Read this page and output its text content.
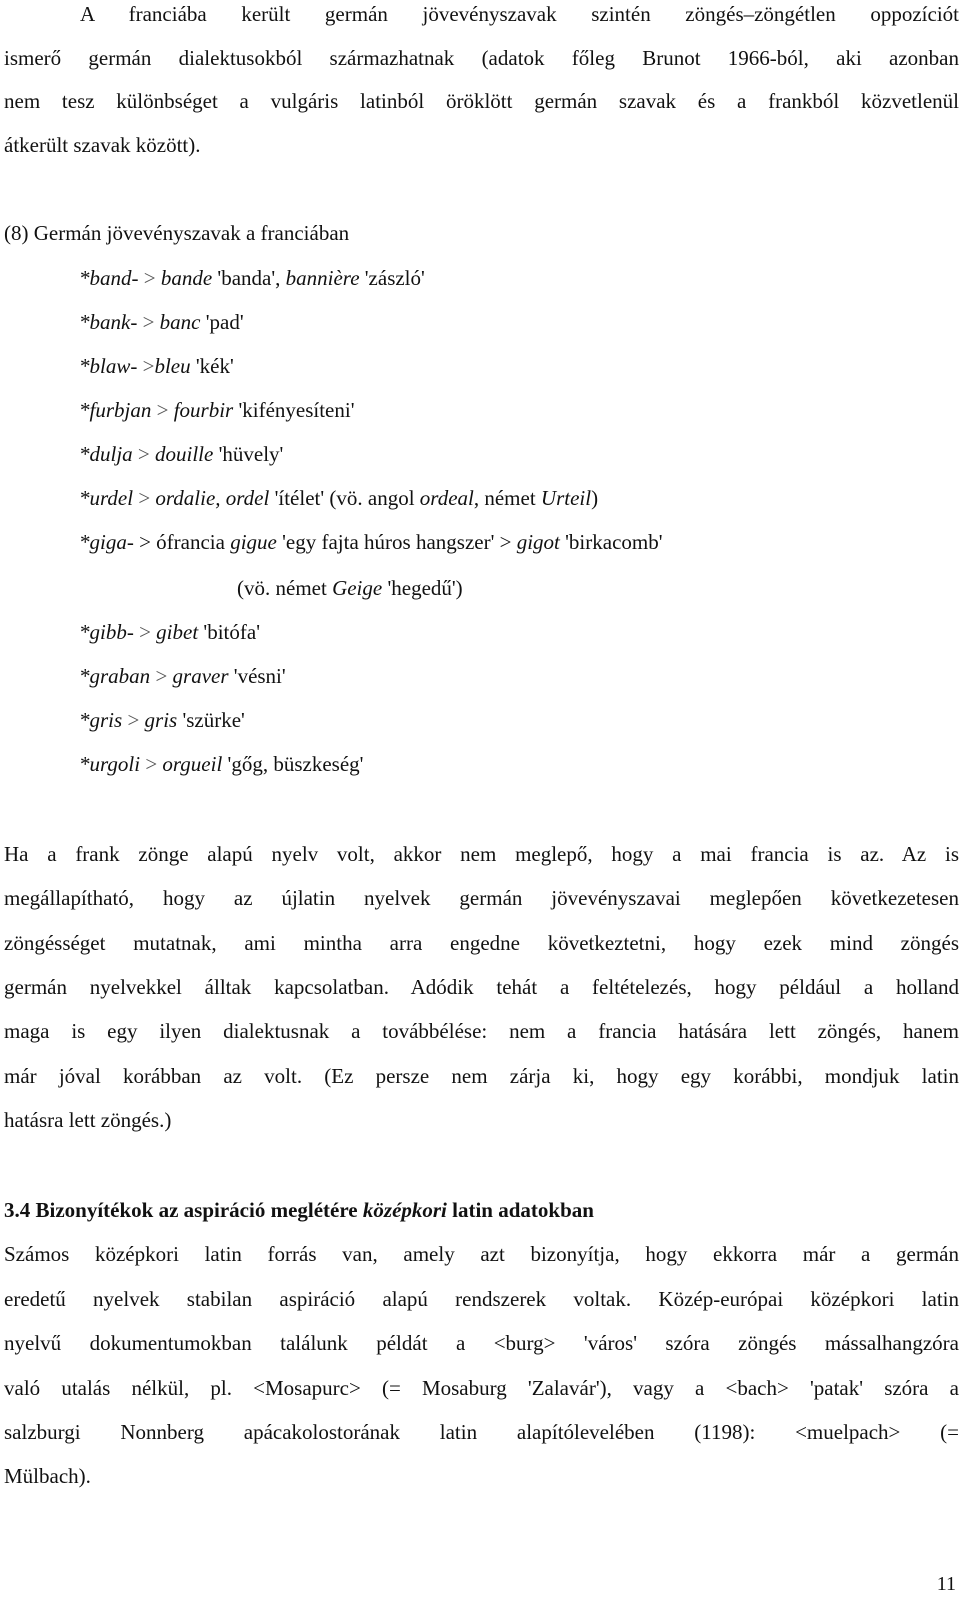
A franciába került germán jövevényszavak szintén zöngés–zöngétlen oppozíciót
ismerő germán dialektusokból származhatnak (adatok főleg Brunot 1966-ból, aki azonban
nem tesz különbséget a vulgáris latinból öröklött germán szavak és a frankból közvetlenül
átkerült szavak között).
(8) Germán jövevényszavak a franciában
*band- > bande 'banda', bannière 'zászló'
*bank- > banc 'pad'
*blaw- >bleu 'kék'
*furbjan > fourbir 'kifényesíteni'
*dulja > douille 'hüvely'
*urdel > ordalie, ordel 'ítélet' (vö. angol ordeal, német Urteil)
*giga- > ófrancia gigue 'egy fajta húros hangszer' > gigot 'birkacomb'
(vö. német Geige 'hegedű')
*gibb- > gibet 'bitófa'
*graban > graver 'vésni'
*gris > gris 'szürke'
*urgoli > orgueil 'gőg, büszkeség'
Ha a frank zönge alapú nyelv volt, akkor nem meglepő, hogy a mai francia is az. Az is
megállapítható, hogy az újlatin nyelvek germán jövevényszavai meglepően következetesen
zöngésséget mutatnak, ami mintha arra engedne következtetni, hogy ezek mind zöngés
germán nyelvekkel álltak kapcsolatban. Adódik tehát a feltételezés, hogy például a holland
maga is egy ilyen dialektusnak a továbbélése: nem a francia hatására lett zöngés, hanem
már jóval korábban az volt. (Ez persze nem zárja ki, hogy egy korábbi, mondjuk latin
hatásra lett zöngés.)
3.4 Bizonyítékok az aspiráció meglétére középkori latin adatokban
Számos középkori latin forrás van, amely azt bizonyítja, hogy ekkorra már a germán
eredetű nyelvek stabilan aspiráció alapú rendszerek voltak. Közép-európai középkori latin
nyelvű dokumentumokban találunk példát a <burg> 'város' szóra zöngés mássalhangzóra
való utalás nélkül, pl. <Mosapurc> (= Mosaburg 'Zalavár'), vagy a <bach> 'patak' szóra a
salzburgi Nonnberg apácakolostorának latin alapítólevelében (1198): <muelpach> (=
Mülbach).
11
